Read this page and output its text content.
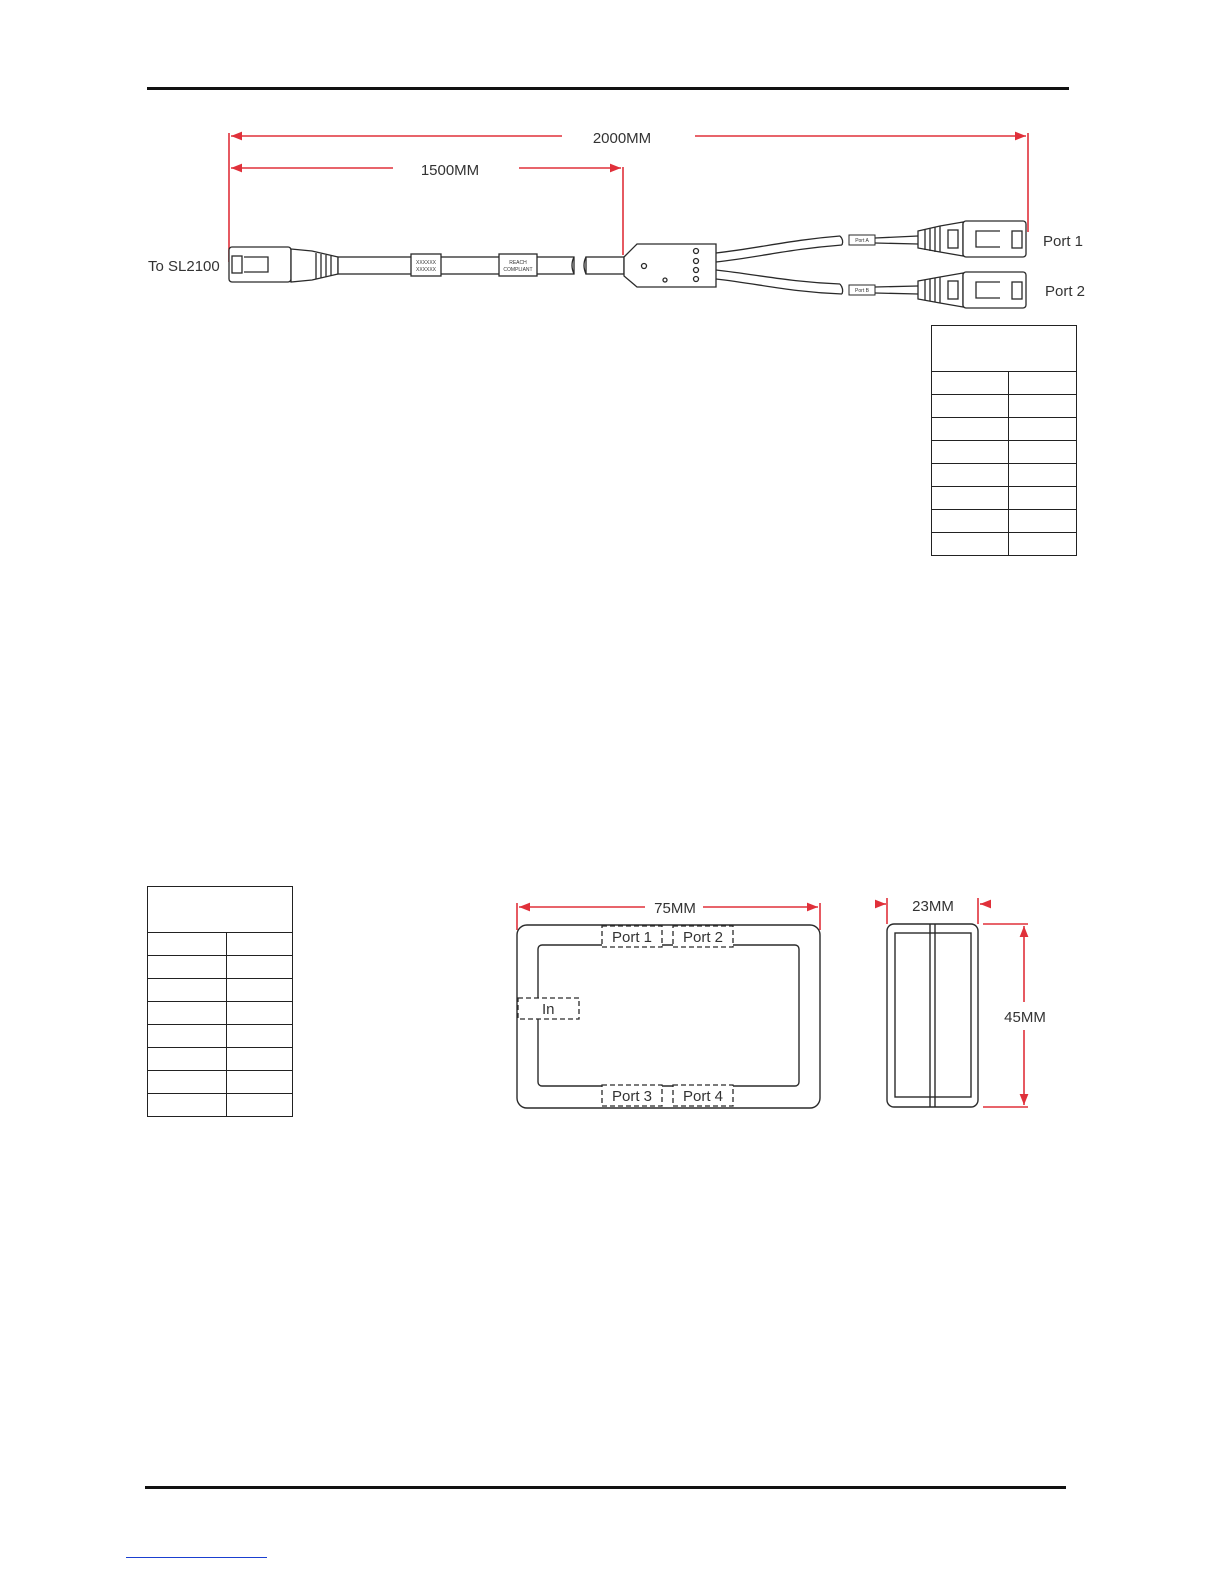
2000MM
1500MM
To SL2100	XXXXXX
XXXXXX
REACH
COMPLIANT
Port A
Port B
Port 1
Port 2
75MM
Port 1 Port 2
In
Port 3 Port 4
23MM
45MM
